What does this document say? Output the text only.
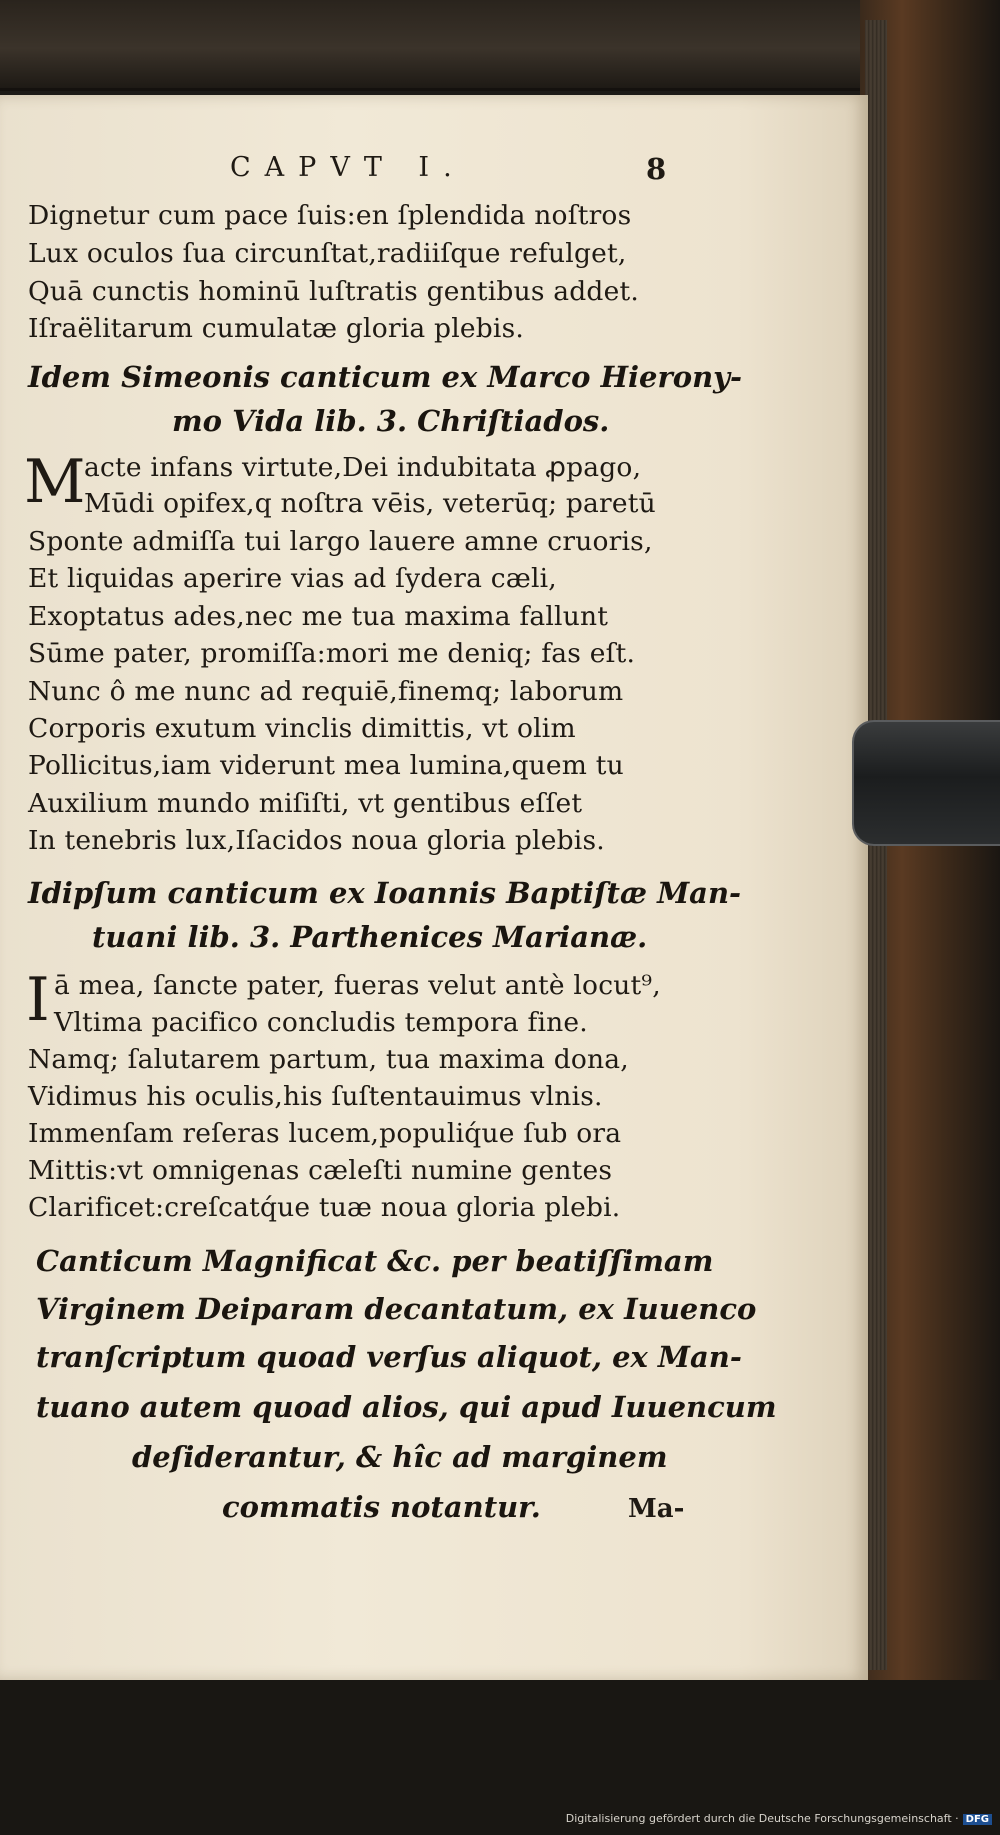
CAPVT I.	8
Dignetur cum pace ſuis:en ſplendida noſtros
Lux oculos ſua circunſtat,radiiſque refulget,
Quā cunctis hominū luſtratis gentibus addet.
Iſraëlitarum cumulatæ gloria plebis.
Idem Simeonis canticum ex Marco Hierony-
mo Vida lib. 3. Chriſtiados.
M
acte infans virtute,Dei indubitata ꝓpago,
Mūdi opifex,q noſtra vēis, veterūq; paretū
Sponte admiſſa tui largo lauere amne cruoris,
Et liquidas aperire vias ad ſydera cæli,
Exoptatus ades,nec me tua maxima fallunt
Sūme pater, promiſſa:mori me deniq; fas eſt.
Nunc ô me nunc ad requiē,finemq; laborum
Corporis exutum vinclis dimittis, vt olim
Pollicitus,iam viderunt mea lumina,quem tu
Auxilium mundo miſiſti, vt gentibus eſſet
In tenebris lux,Iſacidos noua gloria plebis.
Idipſum canticum ex Ioannis Baptiſtæ Man-
tuani lib. 3. Parthenices Marianæ.
I ā mea, ſancte pater, fueras velut antè locut⁹,
Vltima pacifico concludis tempora fine.
Namq; ſalutarem partum, tua maxima dona,
Vidimus his oculis,his ſuſtentauimus vlnis.
Immenſam reſeras lucem,populiq́ue ſub ora
Mittis:vt omnigenas cæleſti numine gentes
Clarificet:creſcatq́ue tuæ noua gloria plebi.
Canticum Magnificat &c. per beatiſſimam
Virginem Deiparam decantatum, ex Iuuenco
tranſcriptum quoad verſus aliquot, ex Man-
tuano autem quoad alios, qui apud Iuuencum
deſiderantur, & hîc ad marginem
commatis notantur.	Ma-
Digitalisierung gefördert durch die Deutsche Forschungsgemeinschaft · DFG
